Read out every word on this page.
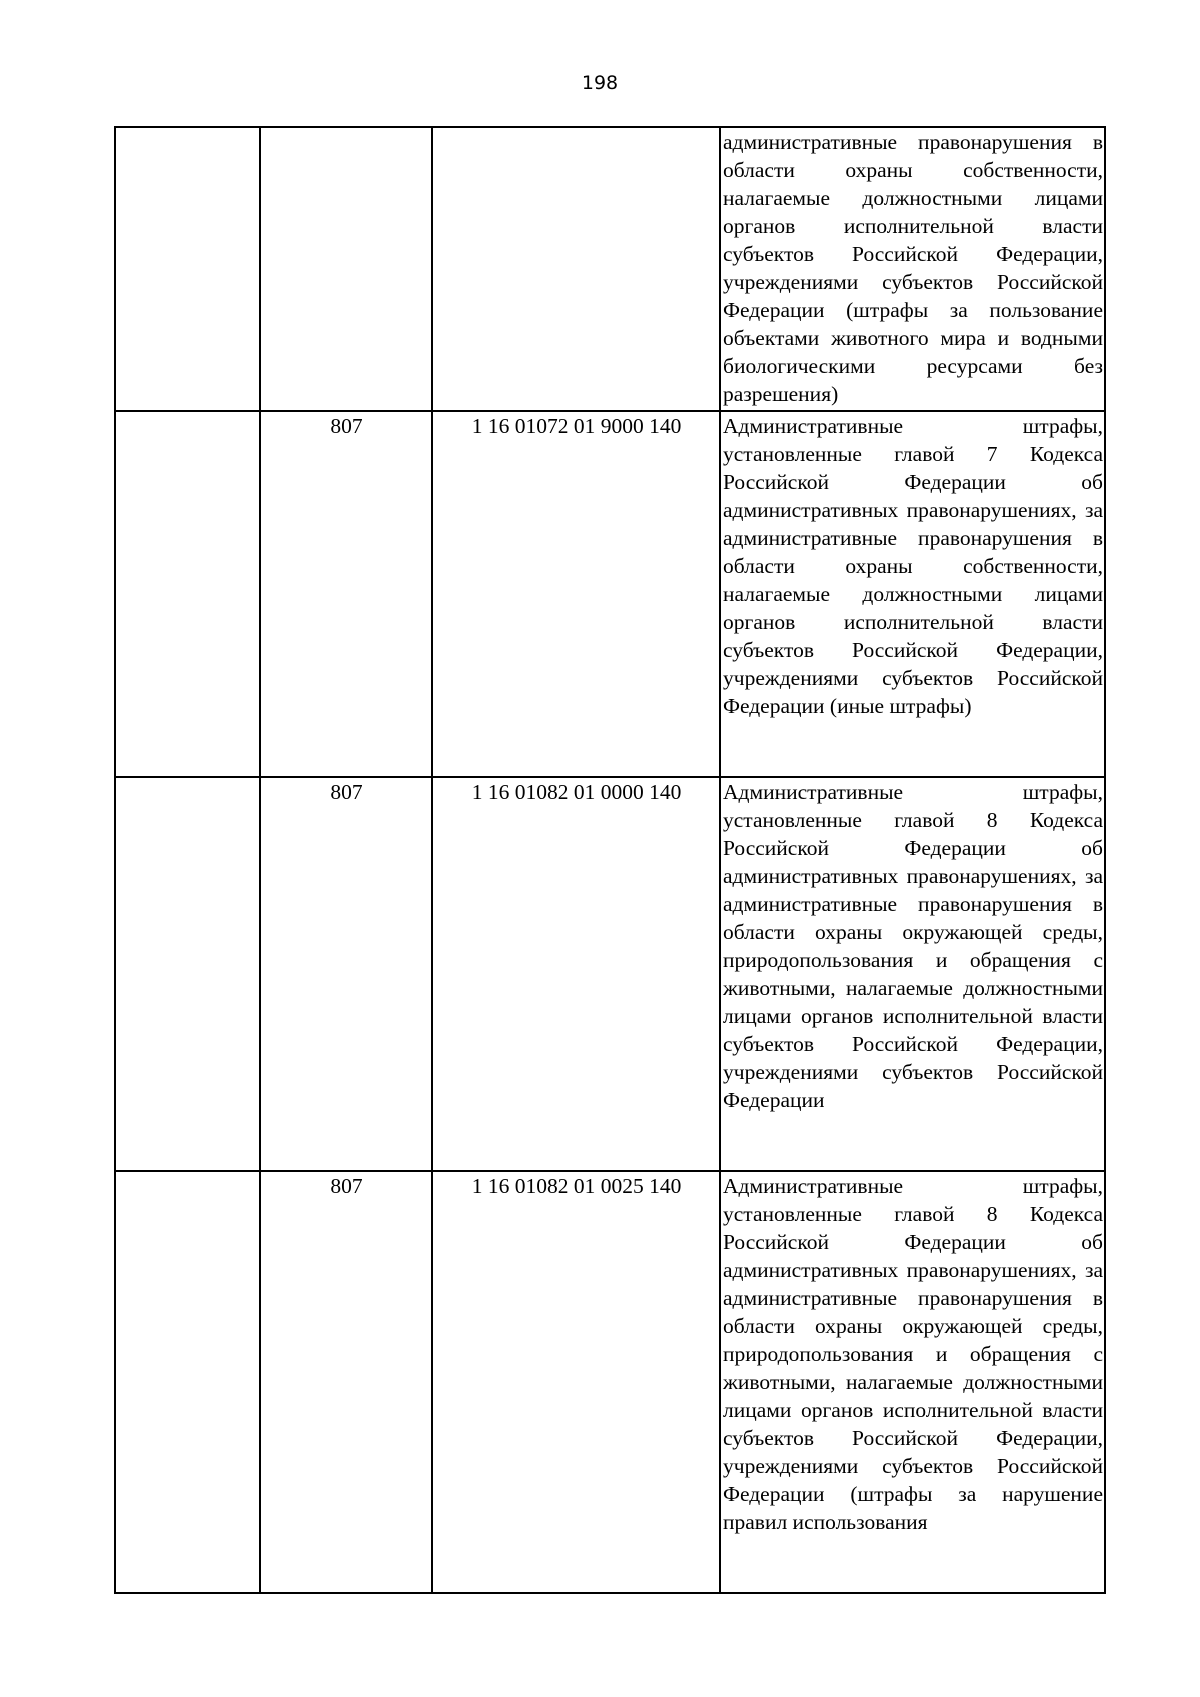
198
			административные правонарушения в области охраны собственности, налагаемые должностными лицами органов исполнительной власти субъектов Российской Федерации, учреждениями субъектов Российской Федерации (штрафы за пользование объектами животного мира и водными биологическими ресурсами без разрешения)
	807	1 16 01072 01 9000 140	Административные штрафы, установленные главой 7 Кодекса Российской Федерации об административных правонарушениях, за административные правонарушения в области охраны собственности, налагаемые должностными лицами органов исполнительной власти субъектов Российской Федерации, учреждениями субъектов Российской Федерации (иные штрафы)
	807	1 16 01082 01 0000 140	Административные штрафы, установленные главой 8 Кодекса Российской Федерации об административных правонарушениях, за административные правонарушения в области охраны окружающей среды, природопользования и обращения с животными, налагаемые должностными лицами органов исполнительной власти субъектов Российской Федерации, учреждениями субъектов Российской Федерации
	807	1 16 01082 01 0025 140	Административные штрафы, установленные главой 8 Кодекса Российской Федерации об административных правонарушениях, за административные правонарушения в области охраны окружающей среды, природопользования и обращения с животными, налагаемые должностными лицами органов исполнительной власти субъектов Российской Федерации, учреждениями субъектов Российской Федерации (штрафы за нарушение правил использования
